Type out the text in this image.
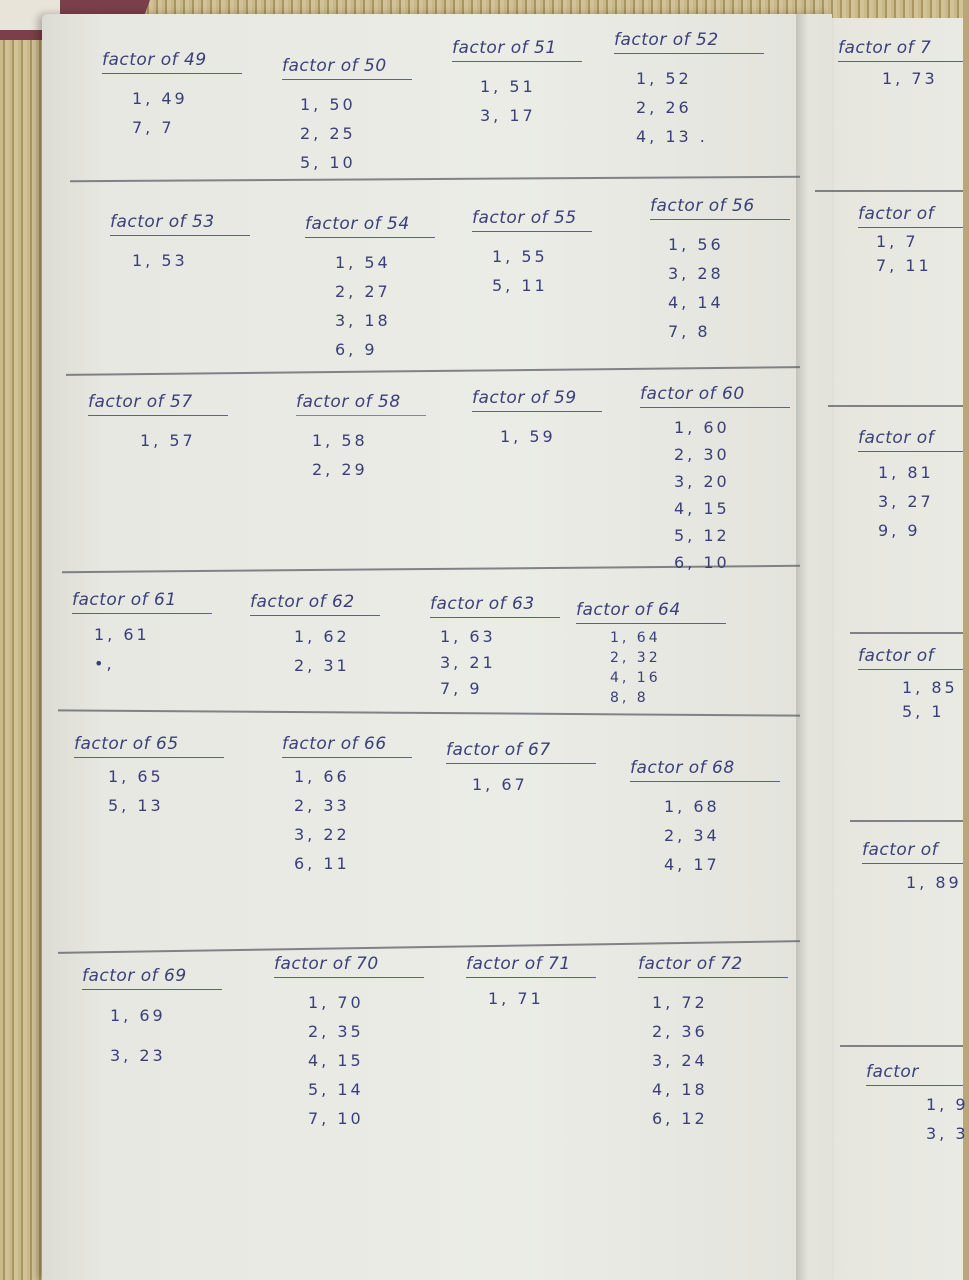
factor of 49
1, 49
7, 7
factor of 50
1, 50
2, 25
5, 10
factor of 51
1, 51
3, 17
factor of 52
1, 52
2, 26
4, 13 .
factor of 53
1, 53
factor of 54
1, 54
2, 27
3, 18
6, 9
factor of 55
1, 55
5, 11
factor of 56
1, 56
3, 28
4, 14
7, 8
factor of 57
1, 57
factor of 58
1, 58
2, 29
factor of 59
1, 59
factor of 60
1, 60
2, 30
3, 20
4, 15
5, 12
6, 10
factor of 61
1, 61
•,
factor of 62
1, 62
2, 31
factor of 63
1, 63
3, 21
7, 9
factor of 64
1, 64
2, 32
4, 16
8, 8
factor of 65
1, 65
5, 13
factor of 66
1, 66
2, 33
3, 22
6, 11
factor of 67
1, 67
factor of 68
1, 68
2, 34
4, 17
factor of 69
1, 69
3, 23
factor of 70
1, 70
2, 35
4, 15
5, 14
7, 10
factor of 71
1, 71
factor of 72
1, 72
2, 36
3, 24
4, 18
6, 12
factor of 7
1, 73
factor of
1, 7
7, 11
factor of
1, 81
3, 27
9, 9
factor of
1, 85
5, 1
factor of
1, 89
factor
1, 9
3, 3
